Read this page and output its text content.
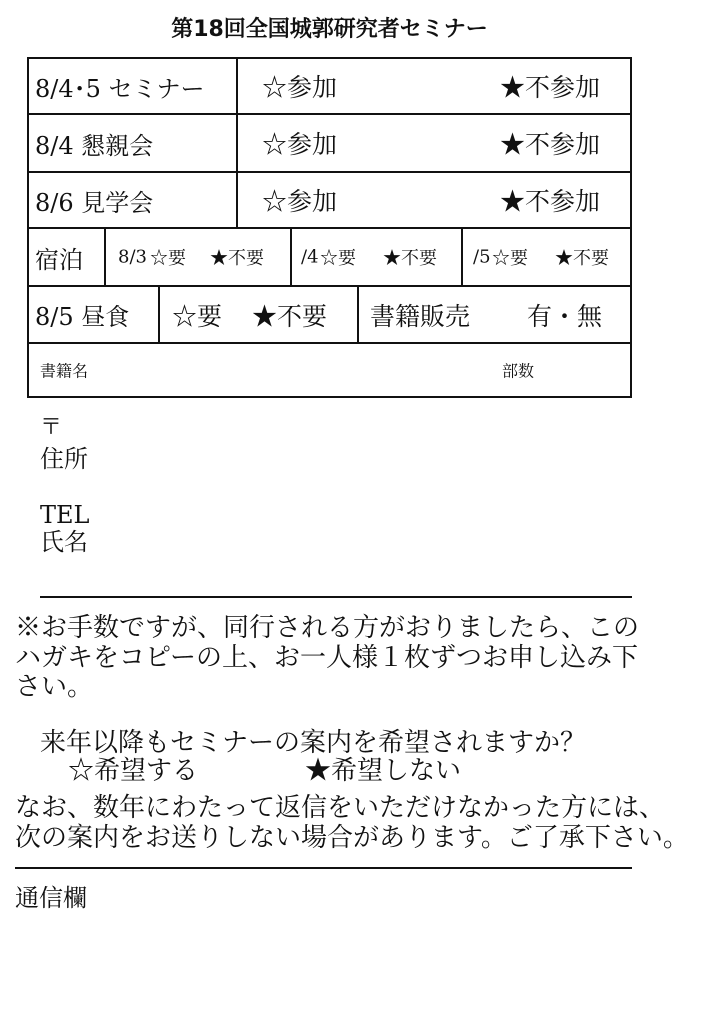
第18回全国城郭研究者セミナー
8/4･5 セミナー	☆参加	★不参加
8/4 懇親会	☆参加	★不参加
8/6 見学会	☆参加	★不参加
宿泊	8/3 ☆要 ★不要 /4 ☆要 ★不要 /5 ☆要 ★不要
8/5 昼食	☆要 ★不要 書籍販売 有・無
書籍名	部数
〒
住所
TEL
氏名
※お手数ですが、同行される方がおりましたら、この
ハガキをコピーの上、お一人様１枚ずつお申し込み下
さい。
来年以降もセミナーの案内を希望されますか？
☆希望する	★希望しない
なお、数年にわたって返信をいただけなかった方には、
次の案内をお送りしない場合があります。ご了承下さい。
通信欄
